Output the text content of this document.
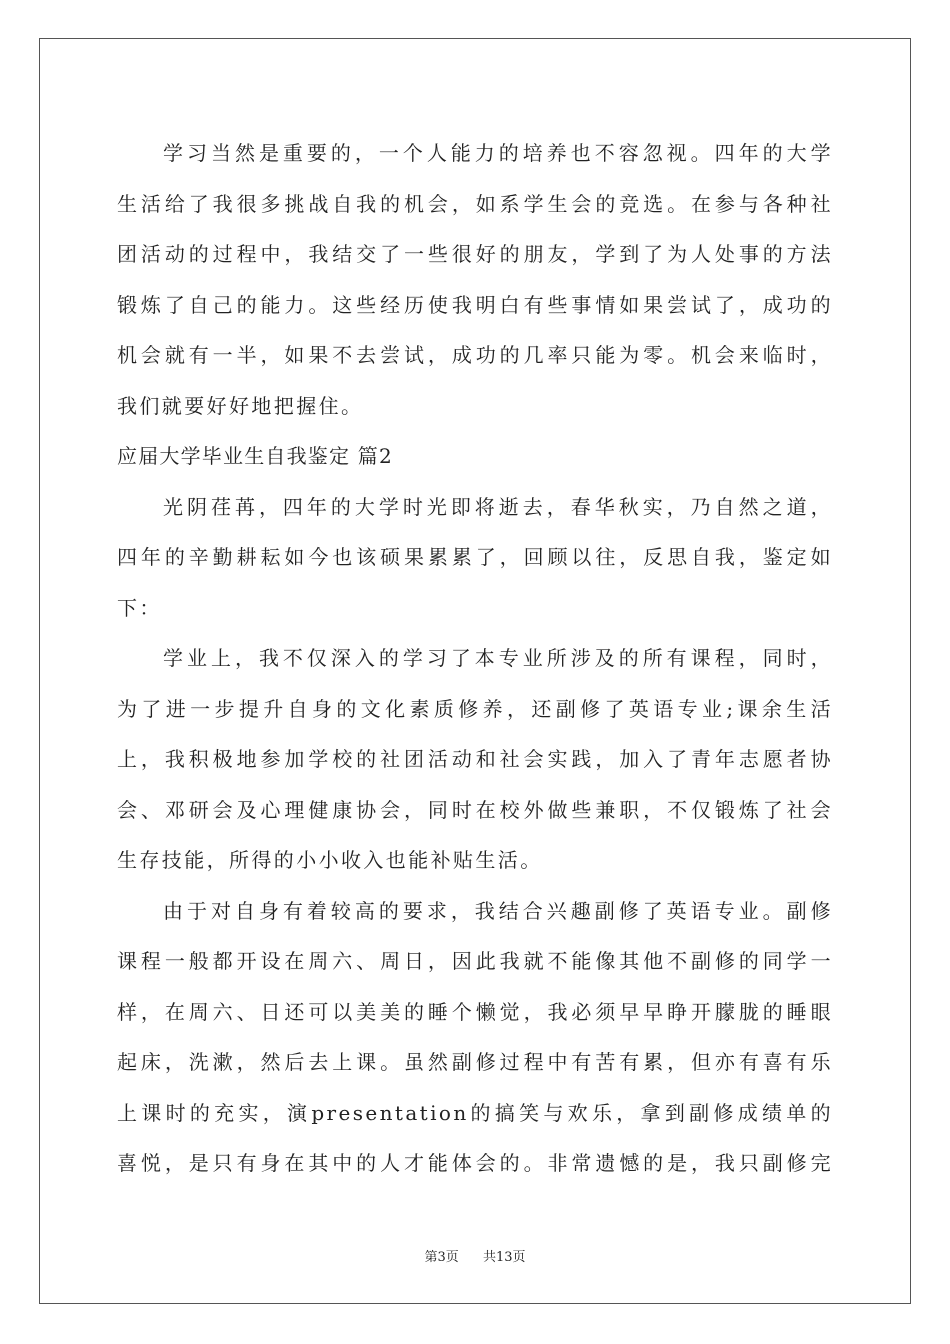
学习当然是重要的，一个人能力的培养也不容忽视。四年的大学
生活给了我很多挑战自我的机会，如系学生会的竞选。在参与各种社
团活动的过程中，我结交了一些很好的朋友，学到了为人处事的方法
锻炼了自己的能力。这些经历使我明白有些事情如果尝试了，成功的
机会就有一半，如果不去尝试，成功的几率只能为零。机会来临时，
我们就要好好地把握住。
应届大学毕业生自我鉴定 篇2
光阴荏苒，四年的大学时光即将逝去，春华秋实，乃自然之道，
四年的辛勤耕耘如今也该硕果累累了，回顾以往，反思自我，鉴定如
下：
学业上，我不仅深入的学习了本专业所涉及的所有课程，同时，
为了进一步提升自身的文化素质修养，还副修了英语专业;课余生活
上，我积极地参加学校的社团活动和社会实践，加入了青年志愿者协
会、邓研会及心理健康协会，同时在校外做些兼职，不仅锻炼了社会
生存技能，所得的小小收入也能补贴生活。
由于对自身有着较高的要求，我结合兴趣副修了英语专业。副修
课程一般都开设在周六、周日，因此我就不能像其他不副修的同学一
样，在周六、日还可以美美的睡个懒觉，我必须早早睁开朦胧的睡眼
起床，洗漱，然后去上课。虽然副修过程中有苦有累，但亦有喜有乐
上课时的充实，演presentation的搞笑与欢乐，拿到副修成绩单的
喜悦，是只有身在其中的人才能体会的。非常遗憾的是，我只副修完
第3页 共13页
